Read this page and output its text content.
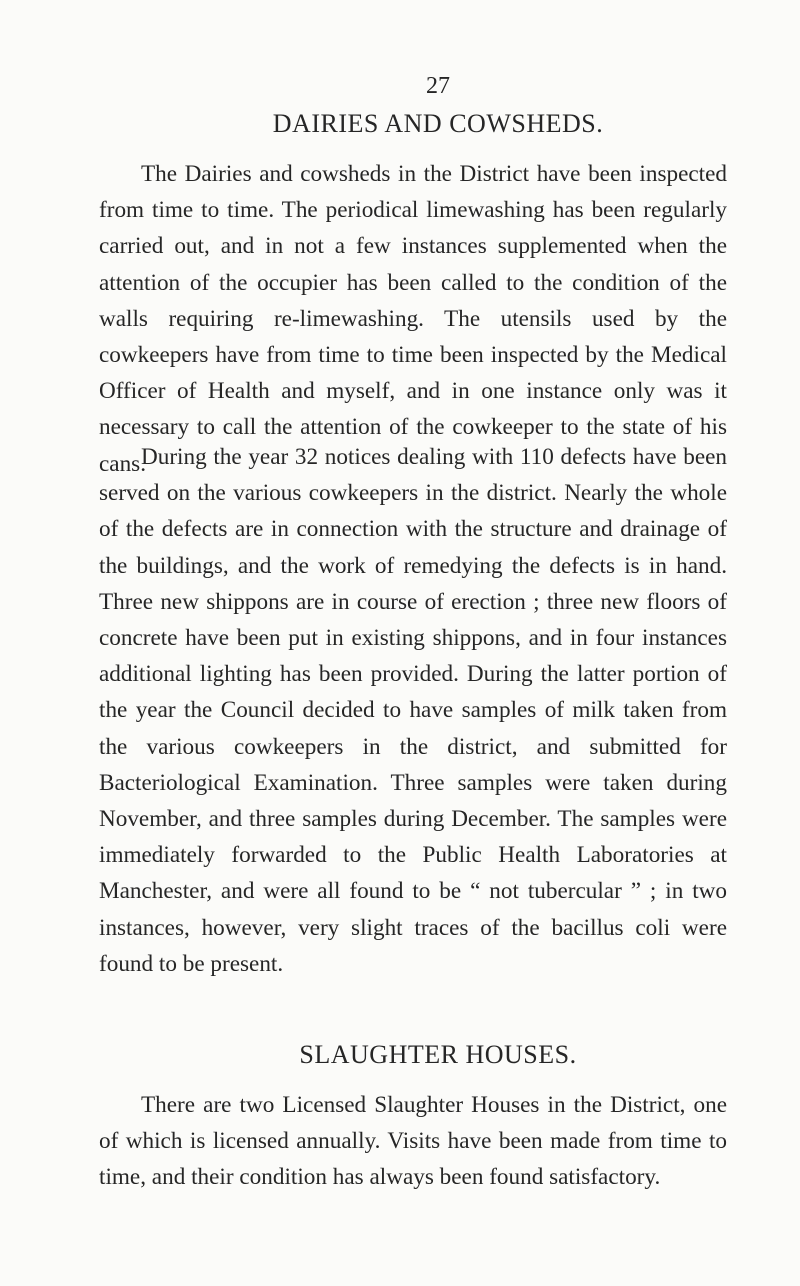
27
DAIRIES AND COWSHEDS.

The Dairies and cowsheds in the District have been inspected from time to time. The periodical limewashing has been regularly carried out, and in not a few instances supplemented when the attention of the occupier has been called to the condition of the walls requiring re-limewashing. The utensils used by the cowkeepers have from time to time been inspected by the Medical Officer of Health and myself, and in one instance only was it necessary to call the attention of the cowkeeper to the state of his cans.

During the year 32 notices dealing with 110 defects have been served on the various cowkeepers in the district. Nearly the whole of the defects are in connection with the structure and drainage of the buildings, and the work of remedying the defects is in hand. Three new shippons are in course of erection ; three new floors of concrete have been put in existing shippons, and in four instances additional lighting has been provided. During the latter portion of the year the Council decided to have samples of milk taken from the various cowkeepers in the district, and submitted for Bacteriological Examination. Three samples were taken during November, and three samples during December. The samples were immediately forwarded to the Public Health Laboratories at Manchester, and were all found to be “ not tubercular ” ; in two instances, however, very slight traces of the bacillus coli were found to be present.

SLAUGHTER HOUSES.

There are two Licensed Slaughter Houses in the District, one of which is licensed annually. Visits have been made from time to time, and their condition has always been found satisfactory.
